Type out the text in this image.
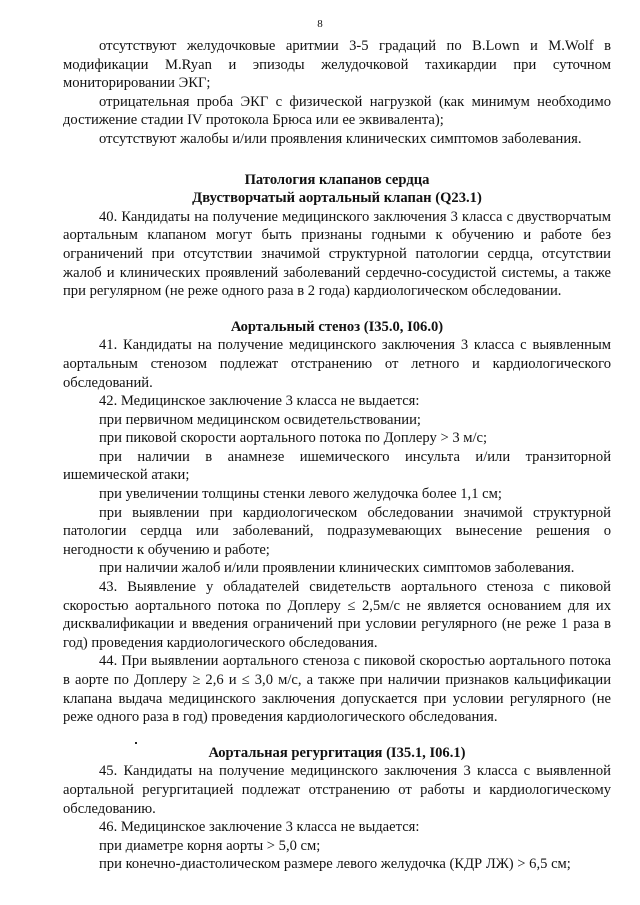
8

отсутствуют желудочковые аритмии 3-5 градаций по B.Lown и M.Wolf в модификации M.Ryan и эпизоды желудочковой тахикардии при суточном мониторировании ЭКГ;

отрицательная проба ЭКГ с физической нагрузкой (как минимум необходимо достижение стадии IV протокола Брюса или ее эквивалента);

отсутствуют жалобы и/или проявления клинических симптомов заболевания.

Патология клапанов сердца

Двустворчатый аортальный клапан (Q23.1)

40. Кандидаты на получение медицинского заключения 3 класса с двустворчатым аортальным клапаном могут быть признаны годными к обучению и работе без ограничений при отсутствии значимой структурной патологии сердца, отсутствии жалоб и клинических проявлений заболеваний сердечно-сосудистой системы, а также при регулярном (не реже одного раза в 2 года) кардиологическом обследовании.

Аортальный стеноз (I35.0, I06.0)

41. Кандидаты на получение медицинского заключения 3 класса с выявленным аортальным стенозом подлежат отстранению от летного и кардиологического обследований.

42. Медицинское заключение 3 класса не выдается:

при первичном медицинском освидетельствовании;

при пиковой скорости аортального потока по Доплеру > 3 м/с;

при наличии в анамнезе ишемического инсульта и/или транзиторной ишемической атаки;

при увеличении толщины стенки левого желудочка более 1,1 см;

при выявлении при кардиологическом обследовании значимой структурной патологии сердца или заболеваний, подразумевающих вынесение решения о негодности к обучению и работе;

при наличии жалоб и/или проявлении клинических симптомов заболевания.

43. Выявление у обладателей свидетельств аортального стеноза с пиковой скоростью аортального потока по Доплеру ≤ 2,5м/с не является основанием для их дисквалификации и введения ограничений при условии регулярного (не реже 1 раза в год) проведения кардиологического обследования.

44. При выявлении аортального стеноза с пиковой скоростью аортального потока в аорте по Доплеру ≥ 2,6 и ≤ 3,0 м/с, а также при наличии признаков кальцификации клапана выдача медицинского заключения допускается при условии регулярного (не реже одного раза в год) проведения кардиологического обследования.

Аортальная регургитация (I35.1, I06.1)

45. Кандидаты на получение медицинского заключения 3 класса с выявленной аортальной регургитацией подлежат отстранению от работы и кардиологическому обследованию.

46. Медицинское заключение 3 класса не выдается:

при диаметре корня аорты > 5,0 см;

при конечно-диастолическом размере левого желудочка (КДР ЛЖ) > 6,5 см;
